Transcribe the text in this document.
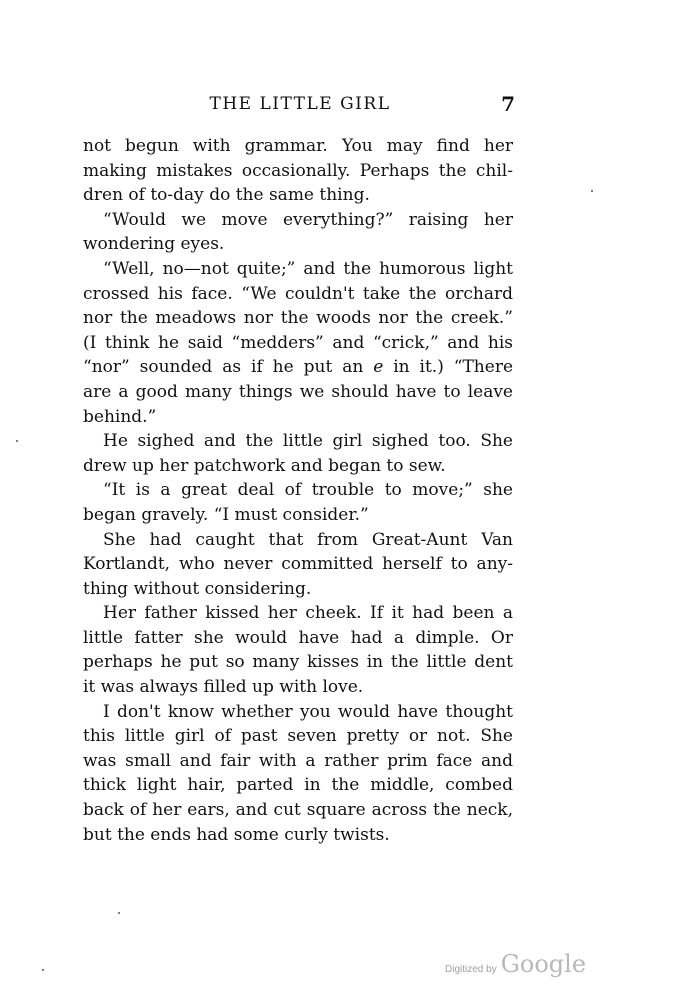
THE LITTLE GIRL	7
not begun with grammar. You may find her
making mistakes occasionally. Perhaps the chil-
dren of to-day do the same thing.
“Would we move everything?” raising her
wondering eyes.
“Well, no—not quite;” and the humorous light
crossed his face. “We couldn't take the orchard
nor the meadows nor the woods nor the creek.”
(I think he said “medders” and “crick,” and his
“nor” sounded as if he put an e in it.) “There
are a good many things we should have to leave
behind.”
He sighed and the little girl sighed too. She
drew up her patchwork and began to sew.
“It is a great deal of trouble to move;” she
began gravely. “I must consider.”
She had caught that from Great-Aunt Van
Kortlandt, who never committed herself to any-
thing without considering.
Her father kissed her cheek. If it had been a
little fatter she would have had a dimple. Or
perhaps he put so many kisses in the little dent
it was always filled up with love.
I don't know whether you would have thought
this little girl of past seven pretty or not. She
was small and fair with a rather prim face and
thick light hair, parted in the middle, combed
back of her ears, and cut square across the neck,
but the ends had some curly twists.
Digitized by Google
